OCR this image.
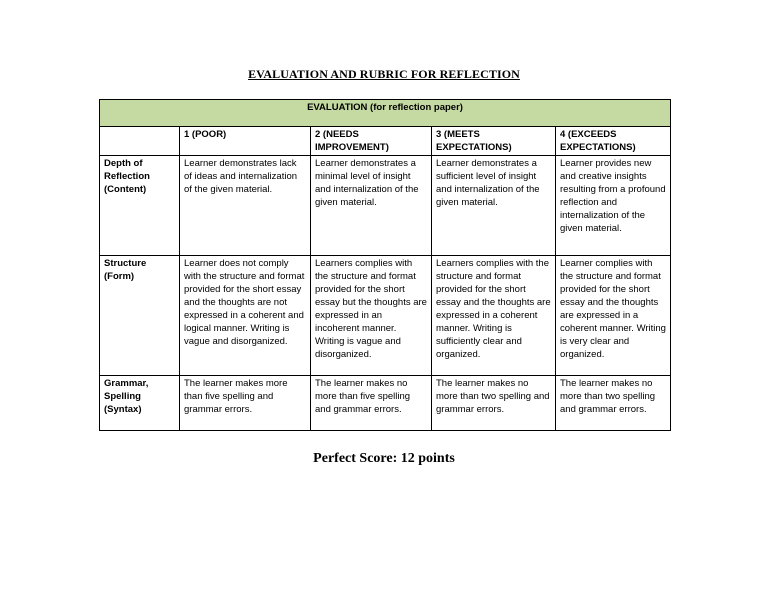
EVALUATION AND RUBRIC FOR REFLECTION
EVALUATION (for reflection paper)				
	1 (POOR)	2 (NEEDS IMPROVEMENT)	3 (MEETS EXPECTATIONS)	4 (EXCEEDS EXPECTATIONS)
Depth of Reflection (Content)	Learner demonstrates lack of ideas and internalization of the given material.	Learner demonstrates a minimal level of insight and internalization of the given material.	Learner demonstrates a sufficient level of insight and internalization of the given material.	Learner provides new and creative insights resulting from a profound reflection and internalization of the given material.
Structure (Form)	Learner does not comply with the structure and format provided for the short essay and the thoughts are not expressed in a coherent and logical manner. Writing is vague and disorganized.	Learners complies with the structure and format provided for the short essay but the thoughts are expressed in an incoherent manner. Writing is vague and disorganized.	Learners complies with the structure and format provided for the short essay and the thoughts are expressed in a coherent manner. Writing is sufficiently clear and organized.	Learner complies with the structure and format provided for the short essay and the thoughts are expressed in a coherent manner. Writing is very clear and organized.
Grammar, Spelling (Syntax)	The learner makes more than five spelling and grammar errors.	The learner makes no more than five spelling and grammar errors.	The learner makes no more than two spelling and grammar errors.	The learner makes no more than two spelling and grammar errors.
Perfect Score: 12 points
